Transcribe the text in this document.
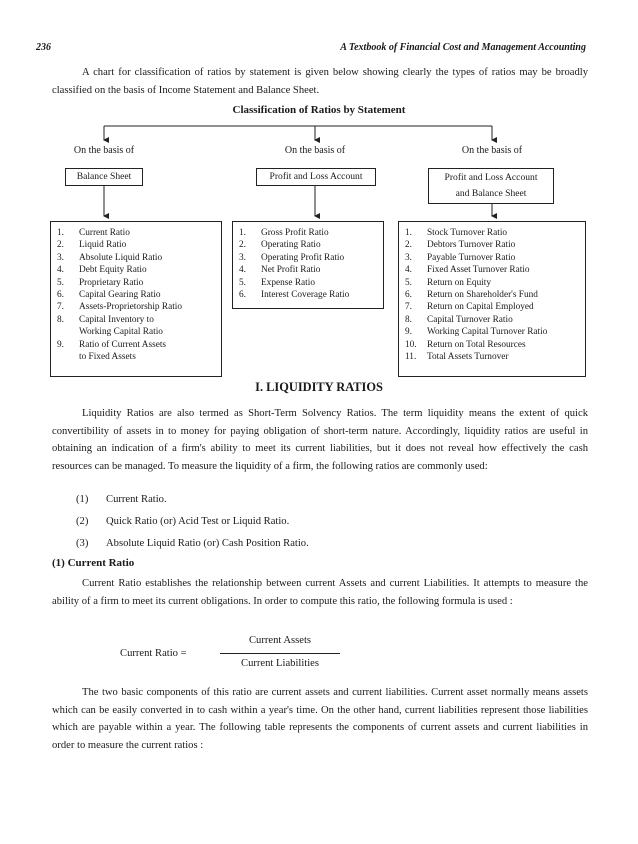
236	A Textbook of Financial Cost and Management Accounting
A chart for classification of ratios by statement is given below showing clearly the types of ratios may be broadly classified on the basis of Income Statement and Balance Sheet.
Classification of Ratios by Statement
On the basis of	On the basis of	On the basis of
Balance Sheet	Profit and Loss Account	Profit and Loss Account
and Balance Sheet
1.	Current Ratio
2.	Liquid Ratio
3.	Absolute Liquid Ratio
4.	Debt Equity Ratio
5.	Proprietary Ratio
6.	Capital Gearing Ratio
7.	Assets-Proprietorship Ratio
8.	Capital Inventory to
Working Capital Ratio
9.	Ratio of Current Assets
to Fixed Assets
1.	Gross Profit Ratio
2.	Operating Ratio
3.	Operating Profit Ratio
4.	Net Profit Ratio
5.	Expense Ratio
6.	Interest Coverage Ratio
1.	Stock Turnover Ratio
2.	Debtors Turnover Ratio
3.	Payable Turnover Ratio
4.	Fixed Asset Turnover Ratio
5.	Return on Equity
6.	Return on Shareholder's Fund
7.	Return on Capital Employed
8.	Capital Turnover Ratio
9.	Working Capital Turnover Ratio
10.	Return on Total Resources
11.	Total Assets Turnover
I. LIQUIDITY RATIOS
Liquidity Ratios are also termed as Short-Term Solvency Ratios. The term liquidity means the extent of quick convertibility of assets in to money for paying obligation of short-term nature. Accordingly, liquidity ratios are useful in obtaining an indication of a firm's ability to meet its current liabilities, but it does not reveal how effectively the cash resources can be managed. To measure the liquidity of a firm, the following ratios are commonly used:
(1) Current Ratio.
(2) Quick Ratio (or) Acid Test or Liquid Ratio.
(3) Absolute Liquid Ratio (or) Cash Position Ratio.
(1) Current Ratio
Current Ratio establishes the relationship between current Assets and current Liabilities. It attempts to measure the ability of a firm to meet its current obligations. In order to compute this ratio, the following formula is used :
Current Ratio =
Current Assets
Current Liabilities
The two basic components of this ratio are current assets and current liabilities. Current asset normally means assets which can be easily converted in to cash within a year's time. On the other hand, current liabilities represent those liabilities which are payable within a year. The following table represents the components of current assets and current liabilities in order to measure the current ratios :
